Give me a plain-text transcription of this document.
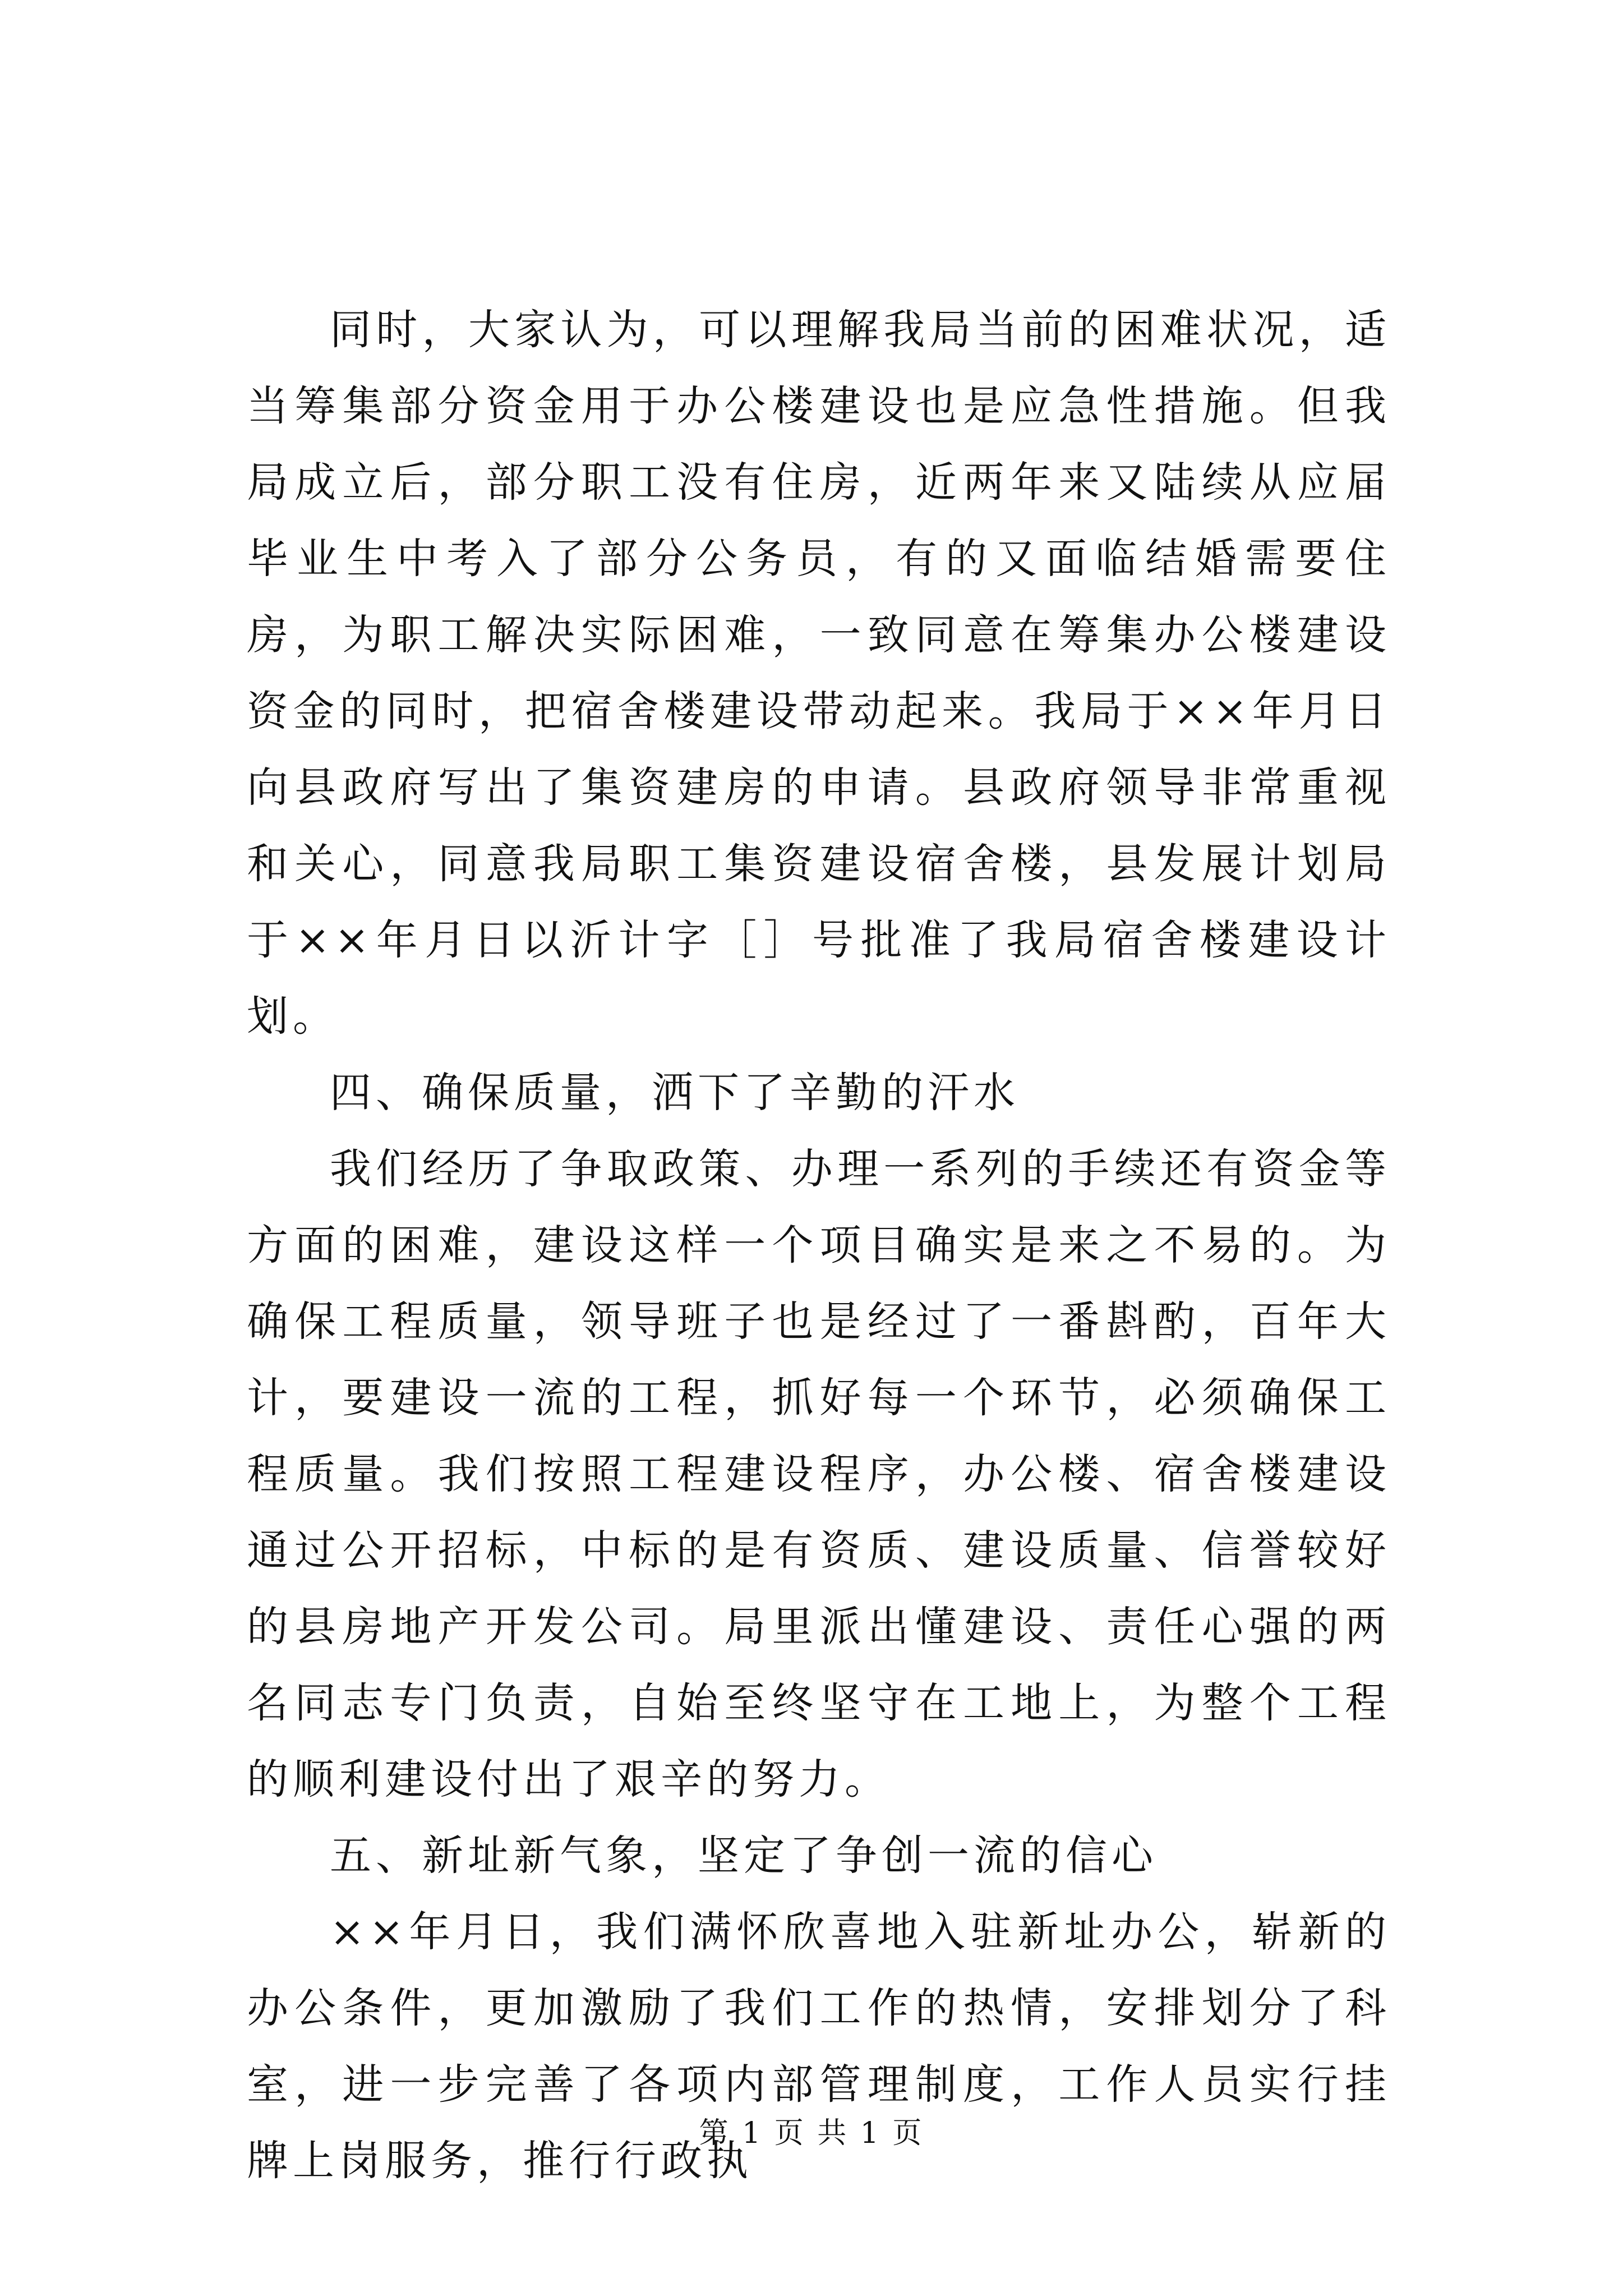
同时，大家认为，可以理解我局当前的困难状况，适当筹集部分资金用于办公楼建设也是应急性措施。但我局成立后，部分职工没有住房，近两年来又陆续从应届毕业生中考入了部分公务员，有的又面临结婚需要住房，为职工解决实际困难，一致同意在筹集办公楼建设资金的同时，把宿舍楼建设带动起来。我局于××年月日向县政府写出了集资建房的申请。县政府领导非常重视和关心，同意我局职工集资建设宿舍楼，县发展计划局于××年月日以沂计字［］号批准了我局宿舍楼建设计划。

四、确保质量，洒下了辛勤的汗水

我们经历了争取政策、办理一系列的手续还有资金等方面的困难，建设这样一个项目确实是来之不易的。为确保工程质量，领导班子也是经过了一番斟酌，百年大计，要建设一流的工程，抓好每一个环节，必须确保工程质量。我们按照工程建设程序，办公楼、宿舍楼建设通过公开招标，中标的是有资质、建设质量、信誉较好的县房地产开发公司。局里派出懂建设、责任心强的两名同志专门负责，自始至终坚守在工地上，为整个工程的顺利建设付出了艰辛的努力。

五、新址新气象，坚定了争创一流的信心

××年月日，我们满怀欣喜地入驻新址办公，崭新的办公条件，更加激励了我们工作的热情，安排划分了科室，进一步完善了各项内部管理制度，工作人员实行挂牌上岗服务，推行行政执

第 1 页 共 1 页
